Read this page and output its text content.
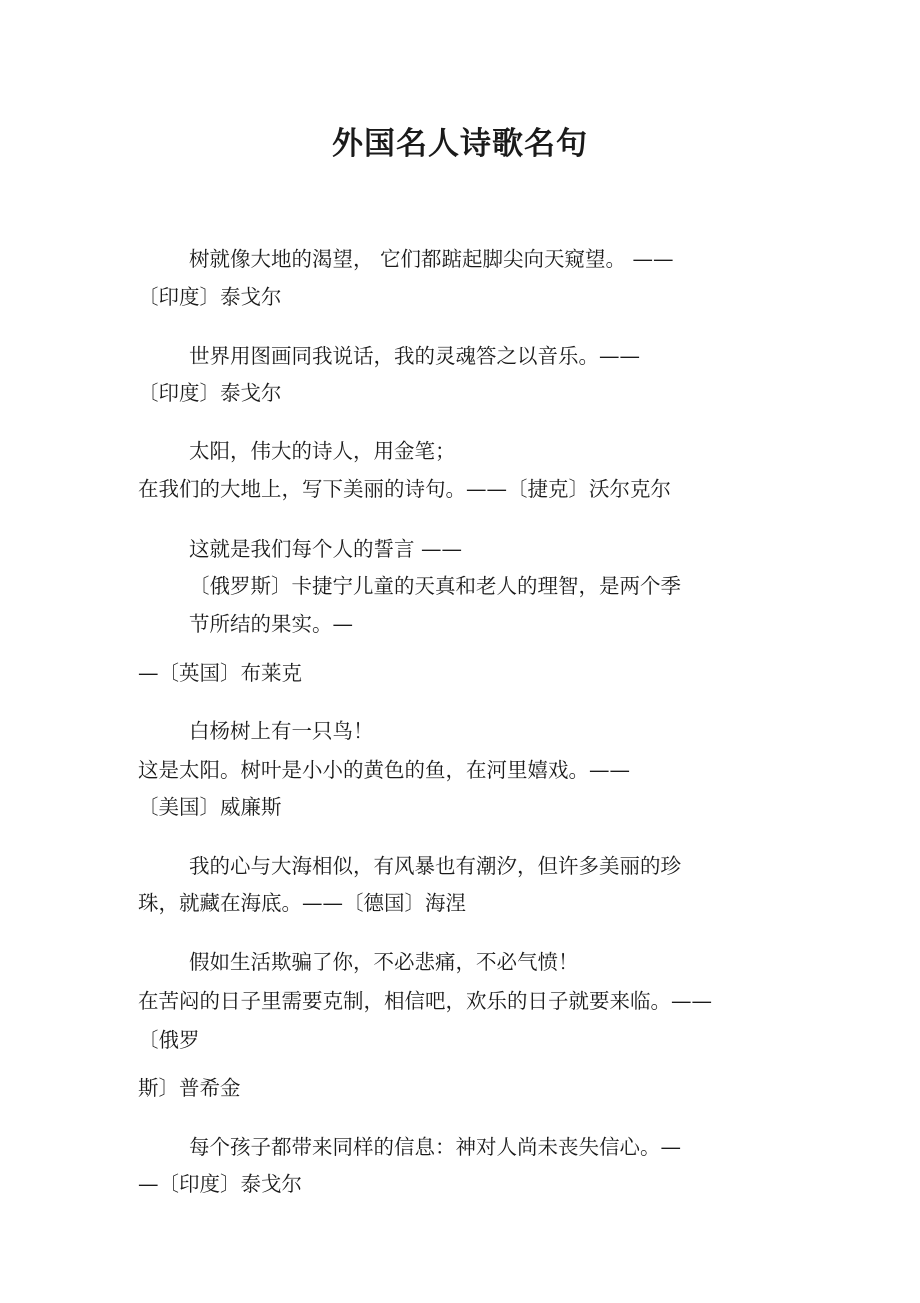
外国名人诗歌名句
树就像大地的渴望， 它们都踮起脚尖向天窥望。 ——
〔印度〕泰戈尔
世界用图画同我说话，我的灵魂答之以音乐。——
〔印度〕泰戈尔
太阳，伟大的诗人，用金笔；
在我们的大地上，写下美丽的诗句。——〔捷克〕沃尔克尔
这就是我们每个人的誓言 ——
〔俄罗斯〕卡捷宁儿童的天真和老人的理智，是两个季
节所结的果实。—
—〔英国〕布莱克
白杨树上有一只鸟！
这是太阳。树叶是小小的黄色的鱼，在河里嬉戏。——
〔美国〕威廉斯
我的心与大海相似，有风暴也有潮汐，但许多美丽的珍
珠，就藏在海底。——〔德国〕海涅
假如生活欺骗了你，不必悲痛，不必气愤！
在苦闷的日子里需要克制，相信吧，欢乐的日子就要来临。——
〔俄罗
斯〕普希金
每个孩子都带来同样的信息：神对人尚未丧失信心。—
—〔印度〕泰戈尔
